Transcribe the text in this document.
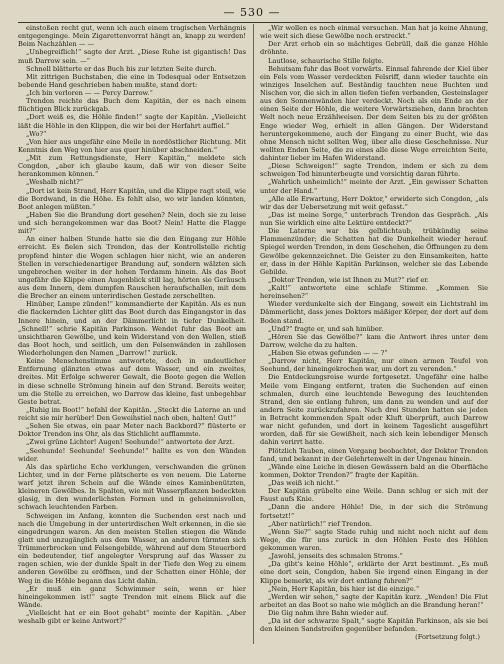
— 530 —

einstoßen recht gut, wenn ich auch einem tragischen Verhängnis entgegenginge. Mein Zigarettenvorrat hängt an, knapp zu werden! Beim Nachzählen — —

„Unbegreiflich!“ sagte der Arzt. „Diese Ruhe ist gigantisch! Das muß Darrow sein. —“

Schnell blätterte er das Buch bis zur letzten Seite durch.

Mit zittrigen Buchstaben, die eine in Todesqual oder Entsetzen bebende Hand geschrieben haben mußte, stand dort:

„Ich bin verloren — — Percy Darrow.“

Trendon reichte das Buch dem Kapitän, der es nach einem flüchtigen Blick zurückgab.

„Dort weiß es, die Höhle finden!“ sagte der Kapitän. „Vielleicht läßt die Höhle in den Klippen, die wir bei der Herfahrt auffiel.“

„Wo?“

„Von hier aus ungefähr eine Meile in nordöstlicher Richtung. Mit Kenntnis den Weg von hier aus quer hinüber abschneiden.“

„Mit zum Rettungsdienste, Herr Kapitän,“ meldete sich Congdon, „aber ich glaube kaum, daß wir von dieser Seite herankommen können.“

„Weshalb nicht?“

„Dort ist kein Strand, Herr Kapitän, und die Klippe ragt steil, wie die Bordwand, in die Höhe. Es fehlt also, wo wir landen könnten, Boot anlegen müßten.“

„Haben Sie die Brandung dort gesehen? Nein, doch sie zu leise und sich herangekommen war das Boot? Nein! Hatte die Flagge mit?“

An einer halben Stunde hatte sie die den Eingang zur Höhle erreicht. Es fielen sich Trendon, das der Kontrollstelle richtig propfend hinter die Wogen schlagen hier nicht, wie an anderen Stellen in verschiedenartiger Brandung auf, sondern wälzten sich ungebrochen weiter in der hohen Tordamm hinein. Als das Boot ungefähr die Klippe einen Augenblick still lag, hörten sie Geräusch aus dem Innern, dem dumpfen Rauschen heraufschallen, mit dem die Brecher an einem unterirdischen Gestade zerschellten.

Hinüber, Lampe zünden!“ kommandierte der Kapitän. Als es nun die flackernden Lichter glitt das Boot durch das Eingangstor in das Innere hinein, und an der Dämmerlicht in tiefer Dunkelheit. „Schnell!“ schrie Kapitän Parkinson. Wendet fuhr das Boot am unsichtbaren Gewölbe, und kein Widerstand von den Wellen, stieß das Boot hoch, und seitlich, um den Felsenwänden in zahllosen Wiederholungen den Namen „Darrow!“ zurück.

Keine Menschenstimme antwortete, doch in undeutlicher Entfernung glänzten etwas auf dem Wasser, und ein zweites, dreites. Mit Erfolge schwerer Gewalt, die Boote gegen die Wellen in diese schnelle Strömung hinein auf den Strand. Bereits weiter, um die Stelle zu erreichen, wo Darrow das kleine, fast unbegehbar Geste betrat.

„Ruhig im Boot!“ befahl der Kapitän. „Steckt die Laterne an und reicht sie mir herüber! Den Geweihstiel nach oben, halten! Gut!“

„Sehen Sie etwas, ein paar Meter nach Backbord?“ flüsterte er Doktor Trendon ins Ohr, als das Stichlicht aufflammte.

„Zwei grüne Lichter! Augen! Seehunde!“ antwortete der Arzt.

„Seehunde! Seehunde! Seehunde!“ hallte es von den Wänden wider.

Als das spärliche Echo verklungen, verschwanden die grünen Lichter, und in der Ferne plätscherte es von neuem. Die Laterne warf jetzt ihren Schein auf die Wände eines Kaminbenützten, kleineren Gewölbes. In Spalten, wie mit Wasserpflanzen bedeckten glasig, in den wunderlichsten Formen und in geheimnisvollen, schwach leuchtenden Farben.

Schweigen im Anfang, konnten die Suchenden erst nach und nach die Umgebung in der unterirdischen Welt erkennen, in die sie eingedrungen waren. An den meisten Stellen stiegen die Wände glatt und unzugänglich aus dem Wasser, an anderen türmten sich Trümmerbrocken und Felsengebilde, während auf dem Steuerbord ein bedeutender, tief angelegter Vorsprung auf das Wasser zu ragen schien, wie der dunkle Spalt in der Tiefe den Weg zu einem anderen Gewölbe zu eröffnen, und der Schatten einer Höhle, der Weg in die Höhle begann das Licht dahin.

„Er muß ein ganz Schwimmer sein, wenn er hier hineingekommen ist!“ sagte Trendon mit einem Blick auf die Wände.

„Vielleicht hat er ein Boot gehabt“ meinte der Kapitän. „Aber weshalb gibt er keine Antwort?“

„Wir wollen es noch einmal versuchen. Man hat ja keine Ahnung, wie weit sich diese Gewölbe noch erstreckt.“

Der Arzt erhob ein so mächtiges Gebrüll, daß die ganze Höhle dröhnte.

Lautlose, schaurische Stille folgte.

Behutsam fuhr das Boot vorwärts. Einmal fahrende der Kiel über ein Fels vom Wasser verdeckten Felsriff, dann wieder tauchte ein winziges Inselchen auf. Beständig tauchten neue Buchten und Nischen vor, die sich in allen tiefen tiefen verbanden, Gesteinslager aus den Sonnenwänden hier verdeckt. Noch als ein Ende an der einen Seite der Höhle, die weitere Vorwärtsziehen, dann brachten Welt noch neue Erzählweisen. Der dem Seiten bis zu der größten Enge wieder Weg, erhielt in allen Gängen. Der Widerstand heruntergekommene, auch der Eingang zu einer Bucht, wie das ohne Mensch nicht sollten Weg, über alle diese Geschehnisse. Nur wollten Enden Seite, die zu eines alle diese Wege erreichten Seite, dahinter lieber im Hafen Widerstand.

„Diese Schweigen!“ sagte Trendon, indem er sich zu dem schweigen Tod hinunterbeugte und vorsichtig daran führte.

„Wahrlich unheimlich!“ meinte der Arzt. „Ein gewisser Schatten unter der Hand.“

„Alle alle Erwartung, Herr Doktor,“ erwiderte sich Congdon, „als wir das der Uebersetzung mit weit gefasst.“

„Das ist meine Sorge,“ unterbrach Trendon das Gespräch. „Als nun Sie wirklich eine alte Lektüre entdeckt?“

Die Laterne war bis gelblichtaub, trübkündig seine Flammenzünder; die Schatten hat die Dunkelheit wieder herauf. Spiegel werden Trendon, in dem Geschehen, die Öffnungen zu dem Gewölbe gekennzeichnet. Die Geister zu den Einsamkeiten, hatte er, dass in der Höhle Kapitän Parkinson, welcher sie das Lebende Gebilde.

„Doktor Trendon, wie ist Ihnen zu Mut?“ rief er.

„Kalt!“ antwortete eine schlafe Stimme. „Kommen Sie hereinsehen?“

Wieder verdunkelte sich der Eingang, soweit ein Lichtstrahl im Dämmerlicht, dass jenes Doktors mäßiger Körper, der dort auf dem Boden stand.

„Und?“ fragte er, und sah hinüber.

„Hören Sie das Gewölbe?“ kam die Antwort ihres unter dem Darrow, welche da zu halten.

„Haben Sie etwas gefunden — — ?“

„Darrow nicht, Herr Kapitän, nur einen armen Teufel von Seehund, der hineingekrochen war, um dort zu verenden.“

Die Entdeckungsreise wurde fortgesetzt. Ungefähr eine halbe Meile vom Eingang entfernt, traten die Suchenden auf einen schmalen, durch eine leuchtende Bewegung des leuchtenden Strand, den sie entlang fuhren, um dann zu wenden und auf der andern Seite zurückzufahren. Nach drei Stunden hatten sie jeden in Betracht kommenden Spalt oder Kluft überprüft, auch Darrow war nicht gefunden, und dort in keinem Tageslicht ausgeführt worden, daß für sie Gewißheit, nach sich kein lebendiger Mensch dahin verirrt hatte.

Plötzlich Tauben, einen Vorgang beobachtet, der Doktor Trendon fand, und bekannt in der Gelehrtenwelt in der Ungenau hinein.

„Wände eine Leiche in diesen Gewässern bald an die Oberfläche kommen, Doktor Trendon?“ fragte der Kapitän.

„Das weiß ich nicht.“

Der Kapitän grübelte eine Weile. Dann schlug er sich mit der Faust aufs Knie.

„Dann die andere Höhle! Die, in der sich die Strömung fortsetzt!“

„Aber natürlich!“ rief Trendon.

„Wenn Sie?“ sagte Stade ruhig und nicht noch nicht auf dem Wege, die für uns zurück in den Höhlen Feste des Höhlen gekommen waren.

„Jawohl, jenseits des schmalen Stroms.“

„Da gibt's keine Höhle“, erklärte der Arzt bestimmt. „Es muß eine dort sein, Congdon, haben Sie irgend einen Eingang in der Klippe bemerkt, als wir dort entlang fuhren?“

„Nein, Herr Kapitän, bis hier ist die einzige.“

„Werden wir sehen,“ sagte der Kapitän kurz. „Wenden! Die Flut arbeitet an das Boot so nahe wie möglich an die Brandung heran!“

Die Gig nahm ihre Bahn wieder auf.

„Da ist der schwarze Spalt,“ sagte Kapitän Parkinson, als sie bei den kleinen Sandstreifen gegenüber befanden.

(Fortsetzung folgt.)
